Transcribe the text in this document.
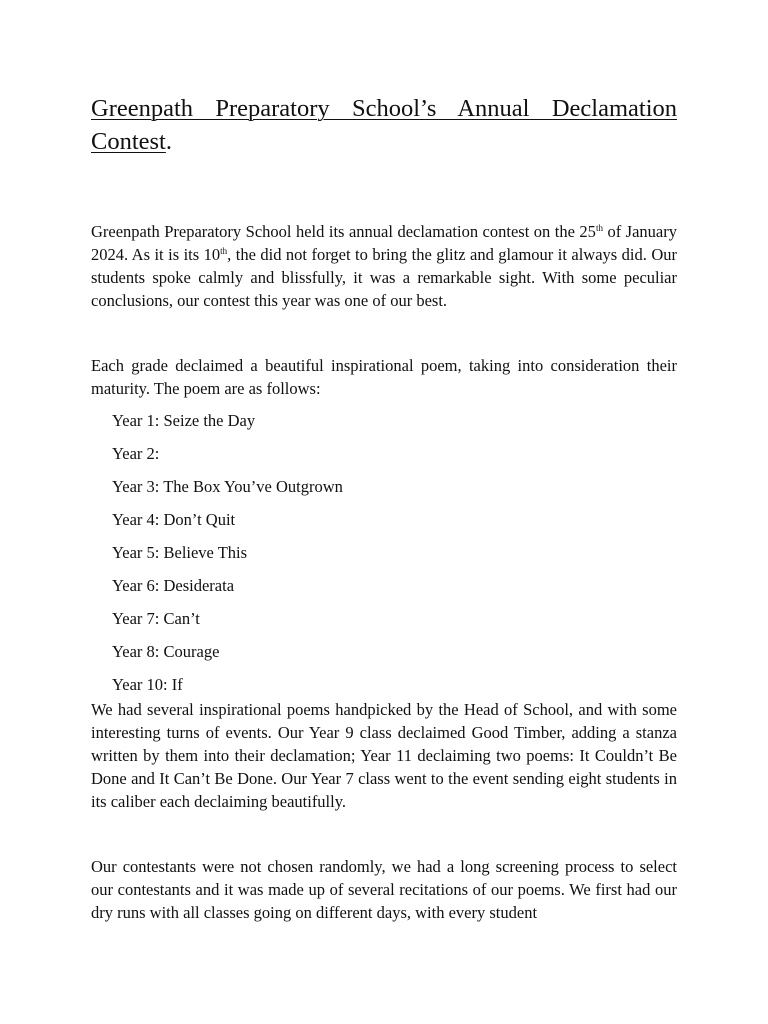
Greenpath Preparatory School’s Annual Declamation Contest.

Greenpath Preparatory School held its annual declamation contest on the 25th of January 2024. As it is its 10th, the did not forget to bring the glitz and glamour it always did. Our students spoke calmly and blissfully, it was a remarkable sight. With some peculiar conclusions, our contest this year was one of our best.

Each grade declaimed a beautiful inspirational poem, taking into consideration their maturity. The poem are as follows:

Year 1: Seize the Day
Year 2:
Year 3: The Box You’ve Outgrown
Year 4: Don’t Quit
Year 5: Believe This
Year 6: Desiderata
Year 7: Can’t
Year 8: Courage
Year 10: If

We had several inspirational poems handpicked by the Head of School, and with some interesting turns of events. Our Year 9 class declaimed Good Timber, adding a stanza written by them into their declamation; Year 11 declaiming two poems: It Couldn’t Be Done and It Can’t Be Done. Our Year 7 class went to the event sending eight students in its caliber each declaiming beautifully.

Our contestants were not chosen randomly, we had a long screening process to select our contestants and it was made up of several recitations of our poems. We first had our dry runs with all classes going on different days, with every student
